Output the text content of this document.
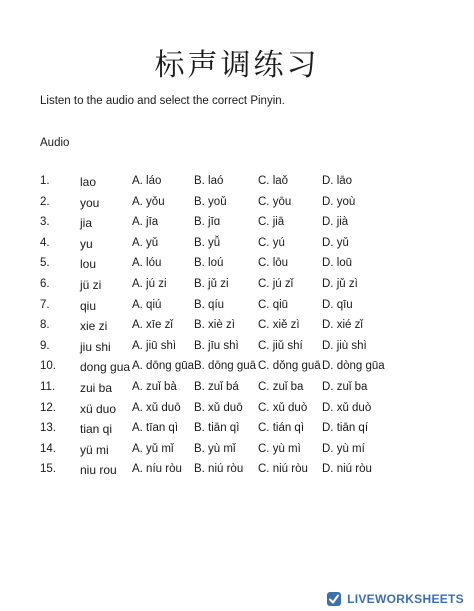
标声调练习
Listen to the audio and select the correct Pinyin.
Audio
1.	lao	A. láo	B. laó	C. laǒ	D. lāo
2.	you	A. yǒu	B. yoǔ	C. yōu	D. yoù
3.	jia	A. jīa	B. jīɑ	C. jiā	D. jià
4.	yu	A. yǔ	B. yǚ	C. yú	D. yǔ
5.	lou	A. lóu	B. loú	C. lōu	D. loū
6.	jü zi	A. jú zi B. jǔ zi	C. jú zǐ	D. jǔ zì
7.	qiu	A. qiú	B. qíu	C. qiū	D. qīu
8.	xie zi A. xīe zǐ B. xiè zì C. xiě zì D. xié zǐ
9.	jiu shi A. jiū shì B. jīu shì C. jiǔ shí D. jiù shì
10. dong gua A. dōng gūa B. dōng guā C. dǒng guā D. dòng gūa
11. zui ba A. zuǐ bà B. zuǐ bá C. zuǐ ba D. zuǐ ba
12. xü duo A. xǔ duō B. xǔ duō C. xǔ duò D. xǔ duò
13. tian qi A. tīan qì B. tiān qì C. tián qì D. tiān qí
14. yü mi A. yǔ mǐ B. yù mǐ C. yù mì D. yù mí
15. niu rou A. níu ròu B. niú ròu C. niú ròu D. niú ròu
LIVEWORKSHEETS
